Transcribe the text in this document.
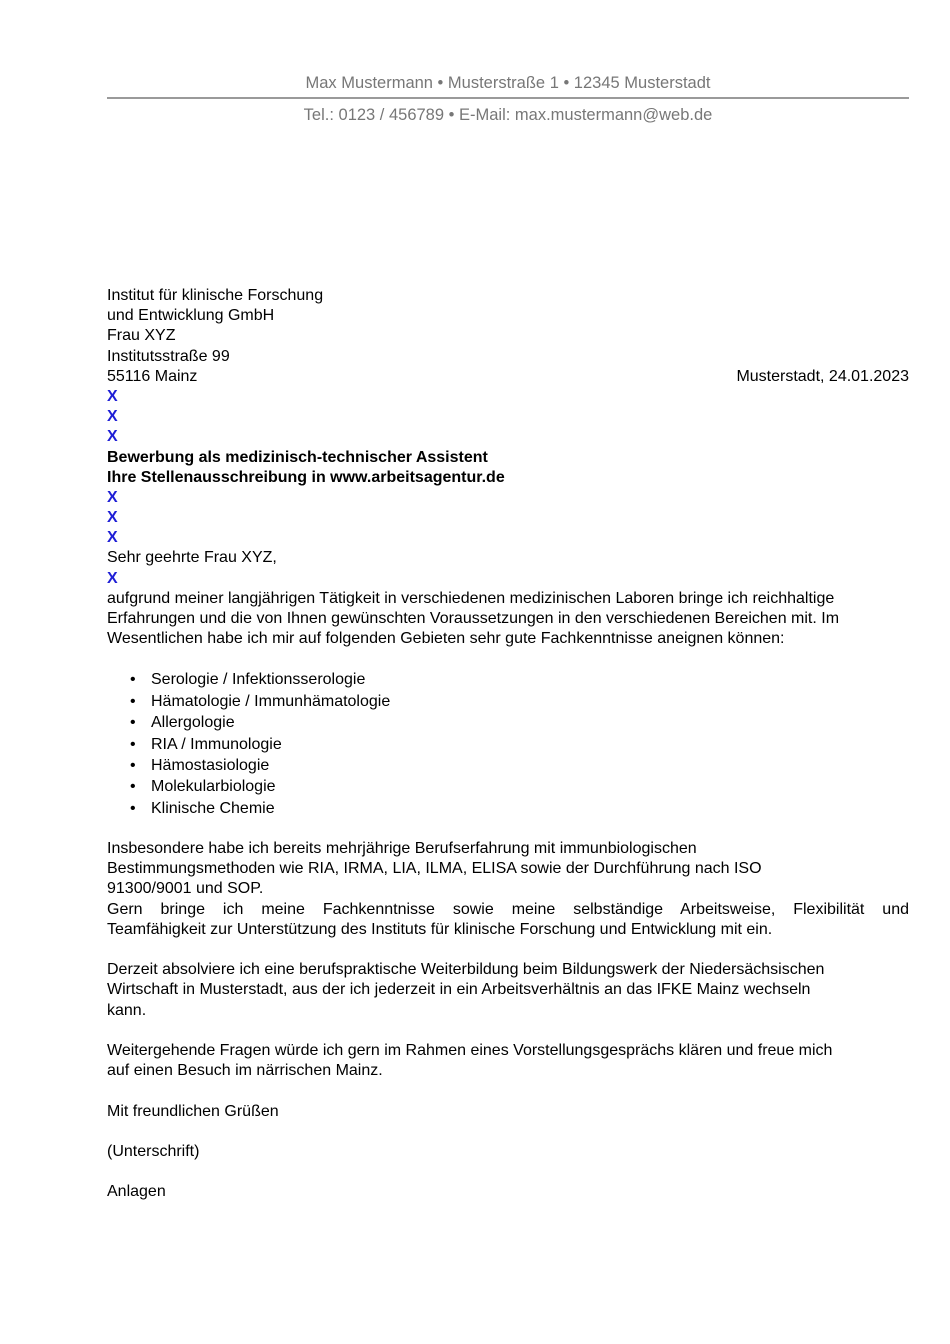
Max Mustermann • Musterstraße 1 • 12345 Musterstadt
Tel.: 0123 / 456789 • E-Mail: max.mustermann@web.de
Institut für klinische Forschung
und Entwicklung GmbH
Frau XYZ
Institutsstraße 99
55116 Mainz	Musterstadt, 24.01.2023
X
X
X
Bewerbung als medizinisch-technischer Assistent
Ihre Stellenausschreibung in www.arbeitsagentur.de
X
X
X
Sehr geehrte Frau XYZ,
X
aufgrund meiner langjährigen Tätigkeit in verschiedenen medizinischen Laboren bringe ich reichhaltige
Erfahrungen und die von Ihnen gewünschten Voraussetzungen in den verschiedenen Bereichen mit. Im
Wesentlichen habe ich mir auf folgenden Gebieten sehr gute Fachkenntnisse aneignen können:
• Serologie / Infektionsserologie
• Hämatologie / Immunhämatologie
• Allergologie
• RIA / Immunologie
• Hämostasiologie
• Molekularbiologie
• Klinische Chemie
Insbesondere habe ich bereits mehrjährige Berufserfahrung mit immunbiologischen
Bestimmungsmethoden wie RIA, IRMA, LIA, ILMA, ELISA sowie der Durchführung nach ISO
91300/9001 und SOP.
Gern bringe ich meine Fachkenntnisse sowie meine selbständige Arbeitsweise, Flexibilität und
Teamfähigkeit zur Unterstützung des Instituts für klinische Forschung und Entwicklung mit ein.
Derzeit absolviere ich eine berufspraktische Weiterbildung beim Bildungswerk der Niedersächsischen
Wirtschaft in Musterstadt, aus der ich jederzeit in ein Arbeitsverhältnis an das IFKE Mainz wechseln
kann.
Weitergehende Fragen würde ich gern im Rahmen eines Vorstellungsgesprächs klären und freue mich
auf einen Besuch im närrischen Mainz.
Mit freundlichen Grüßen
(Unterschrift)
Anlagen
